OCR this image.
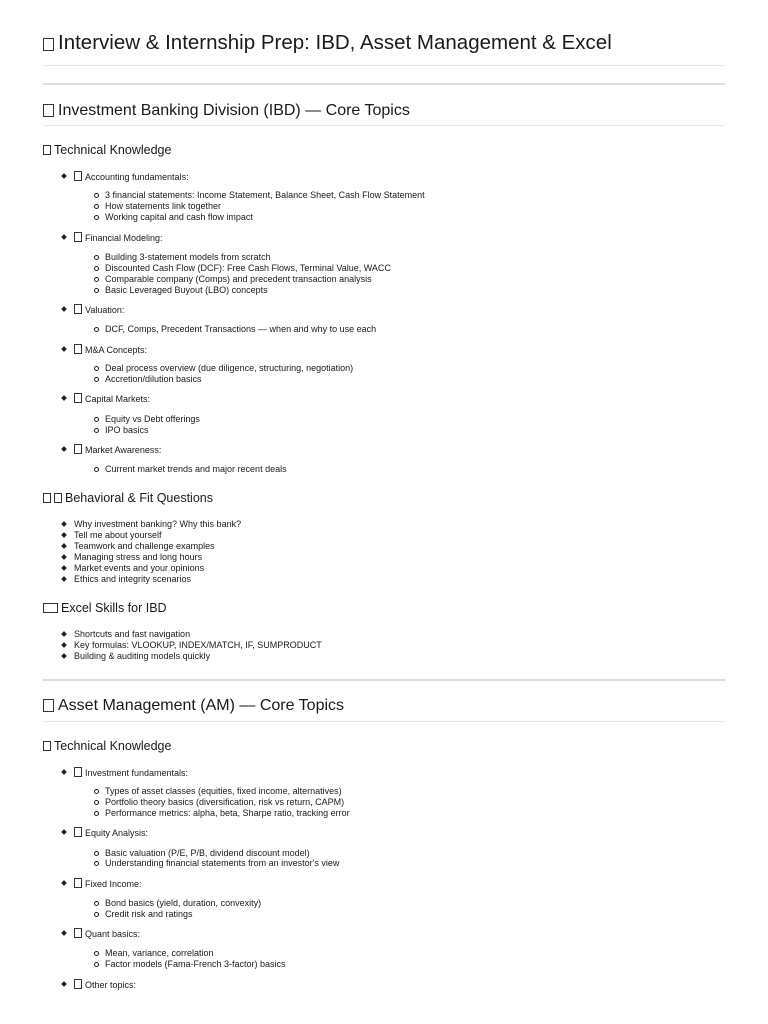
Interview & Internship Prep: IBD, Asset Management & Excel
Investment Banking Division (IBD) — Core Topics
Technical Knowledge
Accounting fundamentals:
3 financial statements: Income Statement, Balance Sheet, Cash Flow Statement
How statements link together
Working capital and cash flow impact
Financial Modeling:
Building 3-statement models from scratch
Discounted Cash Flow (DCF): Free Cash Flows, Terminal Value, WACC
Comparable company (Comps) and precedent transaction analysis
Basic Leveraged Buyout (LBO) concepts
Valuation:
DCF, Comps, Precedent Transactions — when and why to use each
M&A Concepts:
Deal process overview (due diligence, structuring, negotiation)
Accretion/dilution basics
Capital Markets:
Equity vs Debt offerings
IPO basics
Market Awareness:
Current market trends and major recent deals
Behavioral & Fit Questions
Why investment banking? Why this bank?
Tell me about yourself
Teamwork and challenge examples
Managing stress and long hours
Market events and your opinions
Ethics and integrity scenarios
Excel Skills for IBD
Shortcuts and fast navigation
Key formulas: VLOOKUP, INDEX/MATCH, IF, SUMPRODUCT
Building & auditing models quickly
Asset Management (AM) — Core Topics
Technical Knowledge
Investment fundamentals:
Types of asset classes (equities, fixed income, alternatives)
Portfolio theory basics (diversification, risk vs return, CAPM)
Performance metrics: alpha, beta, Sharpe ratio, tracking error
Equity Analysis:
Basic valuation (P/E, P/B, dividend discount model)
Understanding financial statements from an investor's view
Fixed Income:
Bond basics (yield, duration, convexity)
Credit risk and ratings
Quant basics:
Mean, variance, correlation
Factor models (Fama-French 3-factor) basics
Other topics:
